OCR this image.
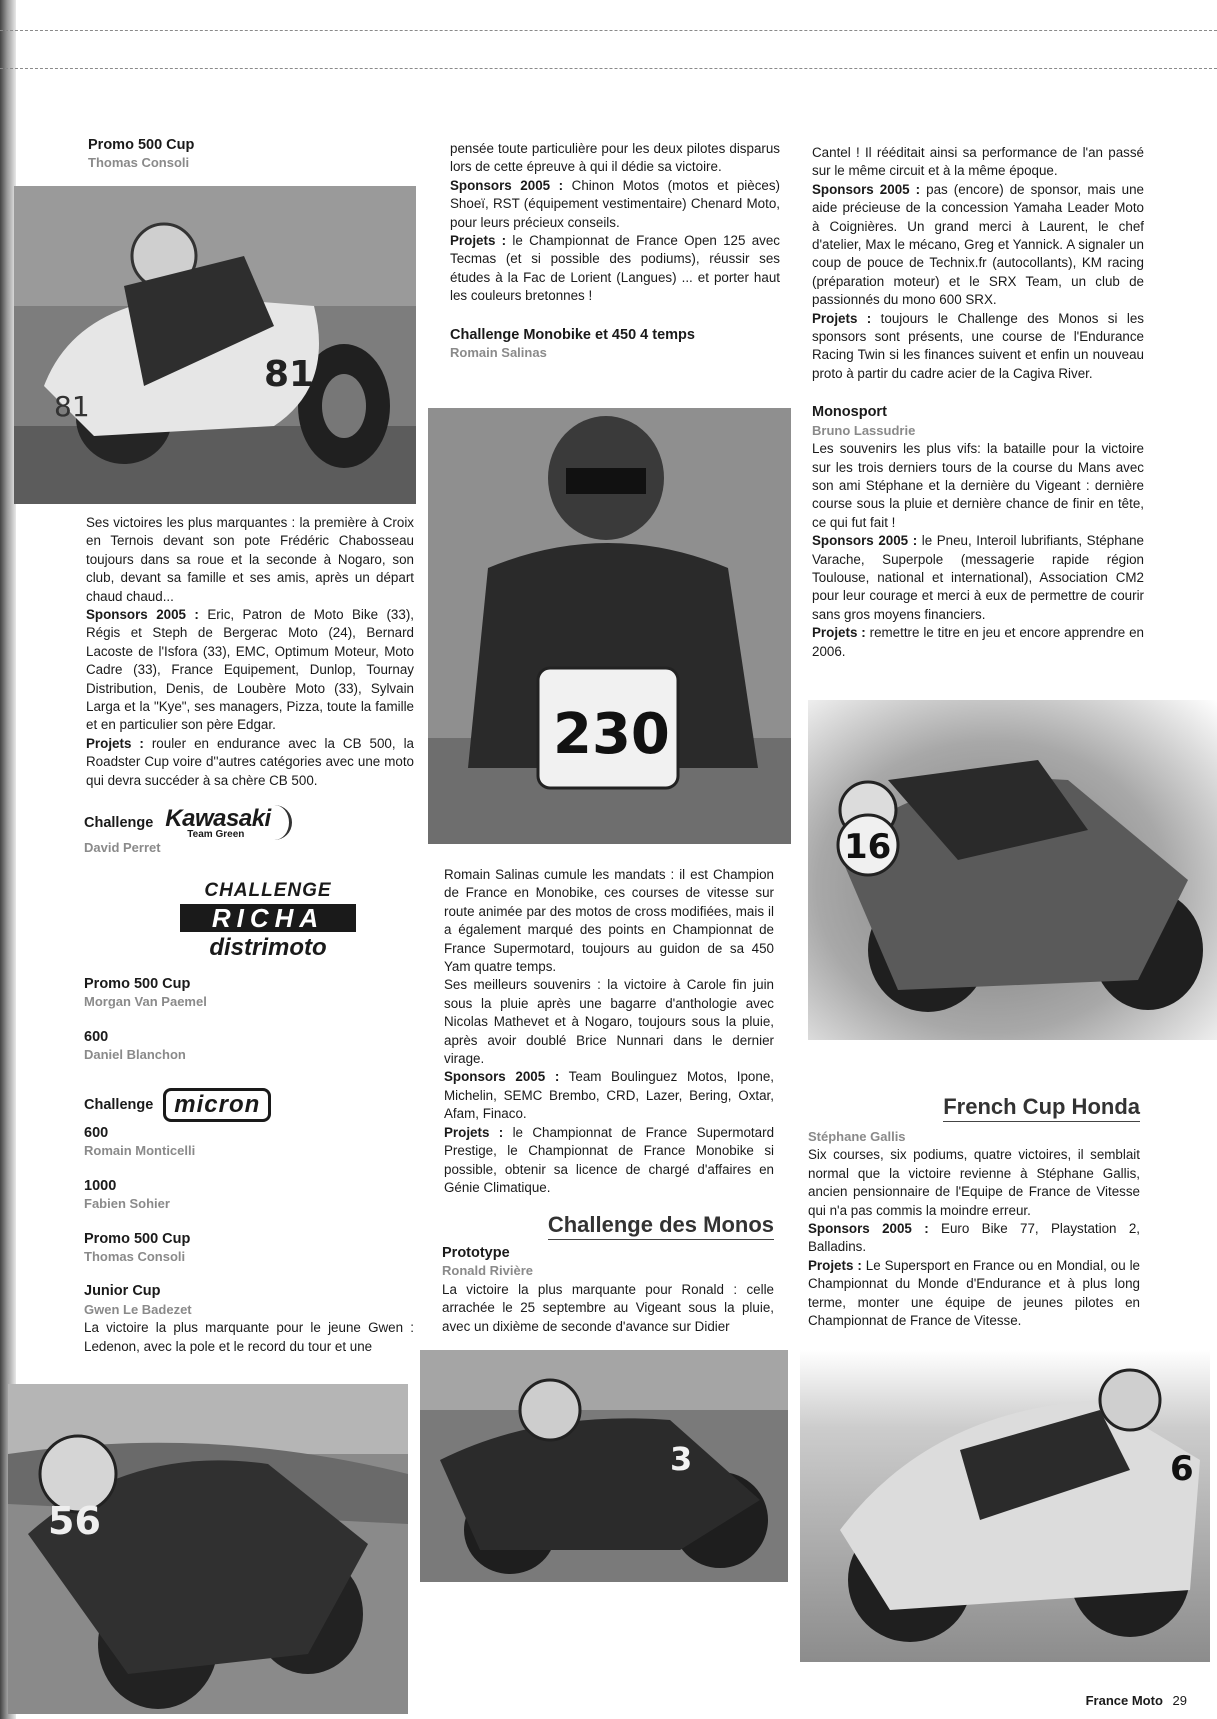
Promo 500 Cup

Thomas Consoli

81
81

Ses victoires les plus marquantes : la première à Croix en Ternois devant son pote Frédéric Chabosseau toujours dans sa roue et la seconde à Nogaro, son club, devant sa famille et ses amis, après un départ chaud chaud...

Sponsors 2005 : Eric, Patron de Moto Bike (33), Régis et Steph de Bergerac Moto (24), Bernard Lacoste de l'Isfora (33), EMC, Optimum Moteur, Moto Cadre (33), France Equipement, Dunlop, Tournay Distribution, Denis, de Loubère Moto (33), Sylvain Larga et la "Kye", ses managers, Pizza, toute la famille et en particulier son père Edgar.

Projets : rouler en endurance avec la CB 500, la Roadster Cup voire d''autres catégories avec une moto qui devra succéder à sa chère CB 500.

Challenge Kawasaki
Team Green

David Perret

CHALLENGE
RICHA
distrimoto

Promo 500 Cup

Morgan Van Paemel

600

Daniel Blanchon

Challenge micron

600

Romain Monticelli

1000

Fabien Sohier

Promo 500 Cup

Thomas Consoli

Junior Cup

Gwen Le Badezet

La victoire la plus marquante pour le jeune Gwen : Ledenon, avec la pole et le record du tour et une

56

pensée toute particulière pour les deux pilotes disparus lors de cette épreuve à qui il dédie sa victoire.

Sponsors 2005 : Chinon Motos (motos et pièces) Shoeï, RST (équipement vestimentaire) Chenard Moto, pour leurs précieux conseils.

Projets : le Championnat de France Open 125 avec Tecmas (et si possible des podiums), réussir ses études à la Fac de Lorient (Langues) ... et porter haut les couleurs bretonnes !

Challenge Monobike et 450 4 temps

Romain Salinas

230

Romain Salinas cumule les mandats : il est Champion de France en Monobike, ces courses de vitesse sur route animée par des motos de cross modifiées, mais il a également marqué des points en Championnat de France Supermotard, toujours au guidon de sa 450 Yam quatre temps.

Ses meilleurs souvenirs : la victoire à Carole fin juin sous la pluie après une bagarre d'anthologie avec Nicolas Mathevet et à Nogaro, toujours sous la pluie, après avoir doublé Brice Nunnari dans le dernier virage.

Sponsors 2005 : Team Boulinguez Motos, Ipone, Michelin, SEMC Brembo, CRD, Lazer, Bering, Oxtar, Afam, Finaco.

Projets : le Championnat de France Supermotard Prestige, le Championnat de France Monobike si possible, obtenir sa licence de chargé d'affaires en Génie Climatique.

Challenge des Monos

Prototype

Ronald Rivière

La victoire la plus marquante pour Ronald : celle arrachée le 25 septembre au Vigeant sous la pluie, avec un dixième de seconde d'avance sur Didier

3

Cantel ! Il rééditait ainsi sa performance de l'an passé sur le même circuit et à la même époque.

Sponsors 2005 : pas (encore) de sponsor, mais une aide précieuse de la concession Yamaha Leader Moto à Coignières. Un grand merci à Laurent, le chef d'atelier, Max le mécano, Greg et Yannick. A signaler un coup de pouce de Technix.fr (autocollants), KM racing (préparation moteur) et le SRX Team, un club de passionnés du mono 600 SRX.

Projets : toujours le Challenge des Monos si les sponsors sont présents, une course de l'Endurance Racing Twin si les finances suivent et enfin un nouveau proto à partir du cadre acier de la Cagiva River.

Monosport

Bruno Lassudrie

Les souvenirs les plus vifs: la bataille pour la victoire sur les trois derniers tours de la course du Mans avec son ami Stéphane et la dernière du Vigeant : dernière course sous la pluie et dernière chance de finir en tête, ce qui fut fait !

Sponsors 2005 : le Pneu, Interoil lubrifiants, Stéphane Varache, Superpole (messagerie rapide région Toulouse, national et international), Association CM2 pour leur courage et merci à eux de permettre de courir sans gros moyens financiers.

Projets : remettre le titre en jeu et encore apprendre en 2006.

16
French Cup Honda

Stéphane Gallis

Six courses, six podiums, quatre victoires, il semblait normal que la victoire revienne à Stéphane Gallis, ancien pensionnaire de l'Equipe de France de Vitesse qui n'a pas commis la moindre erreur.

Sponsors 2005 : Euro Bike 77, Playstation 2, Balladins.

Projets : Le Supersport en France ou en Mondial, ou le Championnat du Monde d'Endurance et à plus long terme, monter une équipe de jeunes pilotes en Championnat de France de Vitesse.

6
France Moto 29
